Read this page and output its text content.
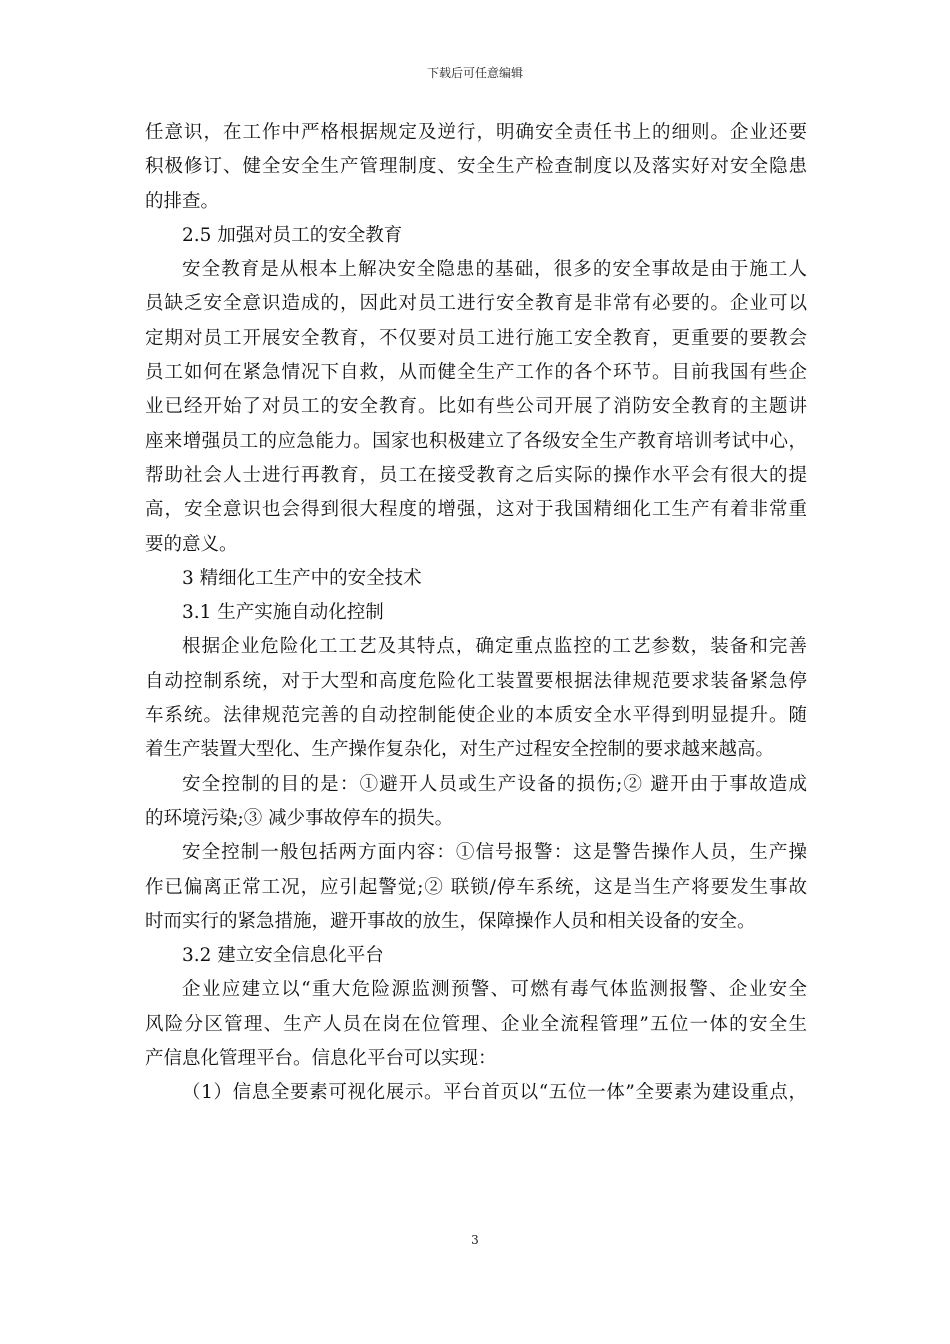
下载后可任意编辑
任意识，在工作中严格根据规定及逆行，明确安全责任书上的细则。企业还要
积极修订、健全安全生产管理制度、安全生产检查制度以及落实好对安全隐患
的排查。
2.5 加强对员工的安全教育
安全教育是从根本上解决安全隐患的基础，很多的安全事故是由于施工人
员缺乏安全意识造成的，因此对员工进行安全教育是非常有必要的。企业可以
定期对员工开展安全教育，不仅要对员工进行施工安全教育，更重要的要教会
员工如何在紧急情况下自救，从而健全生产工作的各个环节。目前我国有些企
业已经开始了对员工的安全教育。比如有些公司开展了消防安全教育的主题讲
座来增强员工的应急能力。国家也积极建立了各级安全生产教育培训考试中心，
帮助社会人士进行再教育，员工在接受教育之后实际的操作水平会有很大的提
高，安全意识也会得到很大程度的增强，这对于我国精细化工生产有着非常重
要的意义。
3 精细化工生产中的安全技术
3.1 生产实施自动化控制
根据企业危险化工工艺及其特点，确定重点监控的工艺参数，装备和完善
自动控制系统，对于大型和高度危险化工装置要根据法律规范要求装备紧急停
车系统。法律规范完善的自动控制能使企业的本质安全水平得到明显提升。随
着生产装置大型化、生产操作复杂化，对生产过程安全控制的要求越来越高。
安全控制的目的是：①避开人员或生产设备的损伤;② 避开由于事故造成
的环境污染;③ 减少事故停车的损失。
安全控制一般包括两方面内容：①信号报警：这是警告操作人员，生产操
作已偏离正常工况，应引起警觉;② 联锁/停车系统，这是当生产将要发生事故
时而实行的紧急措施，避开事故的放生，保障操作人员和相关设备的安全。
3.2 建立安全信息化平台
企业应建立以“重大危险源监测预警、可燃有毒气体监测报警、企业安全
风险分区管理、生产人员在岗在位管理、企业全流程管理”五位一体的安全生
产信息化管理平台。信息化平台可以实现：
（1）信息全要素可视化展示。平台首页以“五位一体”全要素为建设重点，
3
